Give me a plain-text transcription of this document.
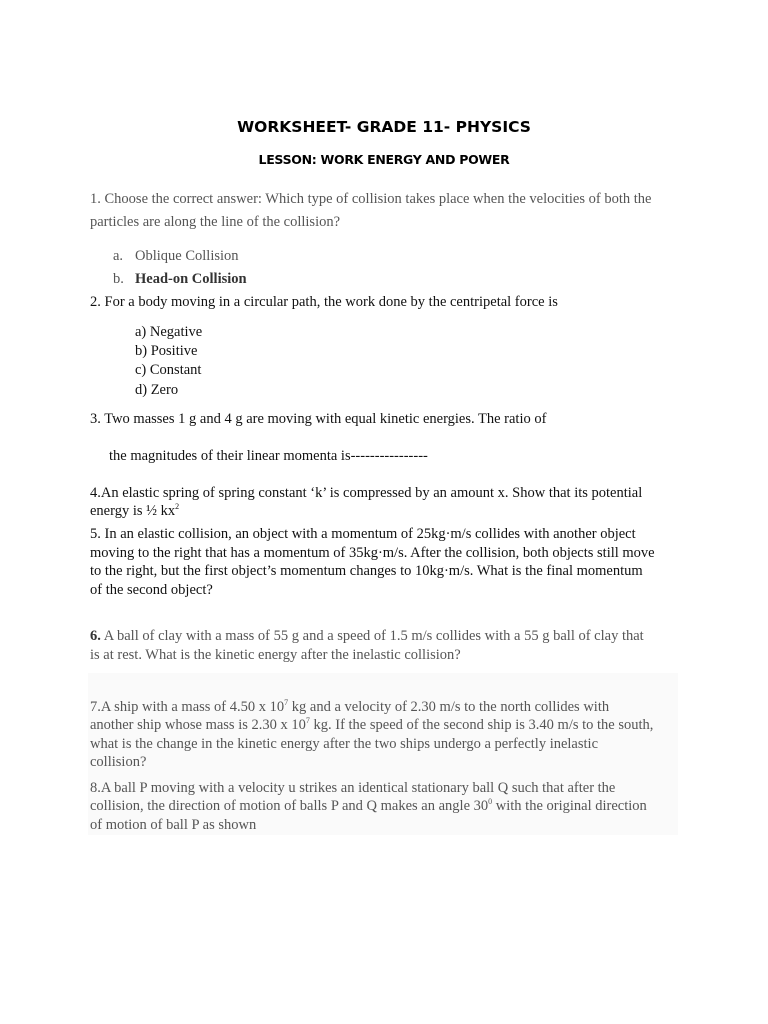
WORKSHEET- GRADE 11- PHYSICS
LESSON: WORK ENERGY AND POWER
1. Choose the correct answer: Which type of collision takes place when the velocities of both the
particles are along the line of the collision?
a. Oblique Collision
b. Head-on Collision
2. For a body moving in a circular path, the work done by the centripetal force is
a) Negative
b) Positive
c) Constant
d) Zero
3. Two masses 1 g and 4 g are moving with equal kinetic energies. The ratio of
the magnitudes of their linear momenta is----------------
4.An elastic spring of spring constant ‘k’ is compressed by an amount x. Show that its potential
energy is ½ $kx^2$
5. In an elastic collision, an object with a momentum of 25kg·m/s collides with another object
moving to the right that has a momentum of 35kg·m/s. After the collision, both objects still move
to the right, but the first object’s momentum changes to 10kg·m/s. What is the final momentum
of the second object?
6. A ball of clay with a mass of 55 g and a speed of 1.5 m/s collides with a 55 g ball of clay that
is at rest. What is the kinetic energy after the inelastic collision?
7.A ship with a mass of 4.50 x $10^7$ kg and a velocity of 2.30 m/s to the north collides with
another ship whose mass is 2.30 x $10^7$ kg. If the speed of the second ship is 3.40 m/s to the south,
what is the change in the kinetic energy after the two ships undergo a perfectly inelastic
collision?
8.A ball P moving with a velocity u strikes an identical stationary ball Q such that after the
collision, the direction of motion of balls P and Q makes an angle $30^0$ with the original direction
of motion of ball P as shown
